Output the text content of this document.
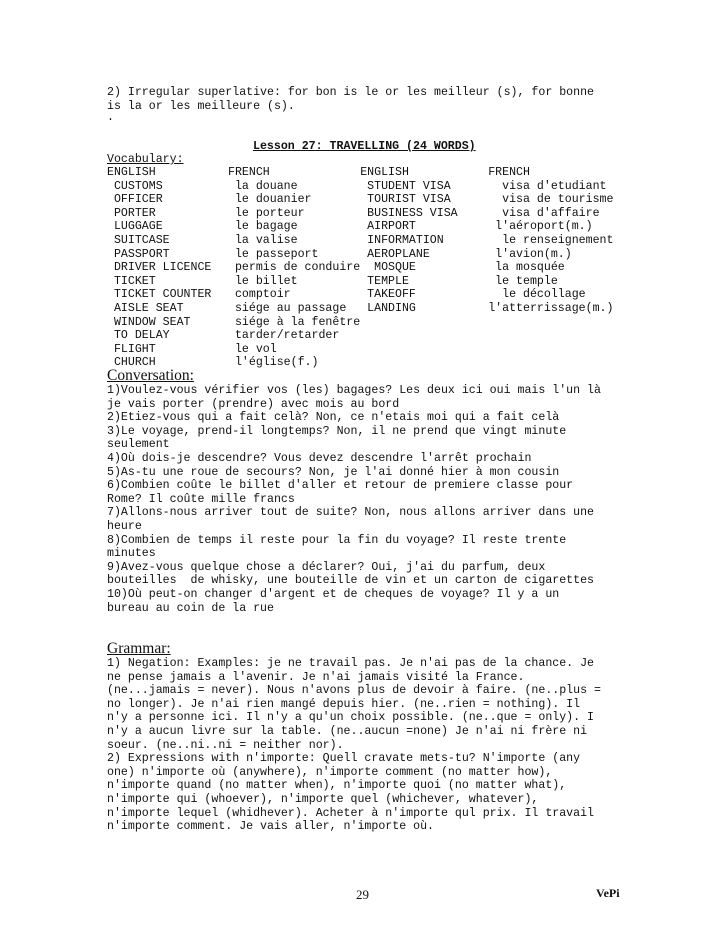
2) Irregular superlative: for bon is le or les meilleur (s), for bonne
is la or les meilleure (s).
.
Lesson 27: TRAVELLING (24 WORDS)
Vocabulary:
ENGLISH	FRENCH	ENGLISH	FRENCH
CUSTOMS	la douane	STUDENT VISA	visa d'etudiant
OFFICER	le douanier	TOURIST VISA	visa de tourisme
PORTER	le porteur	BUSINESS VISA	visa d'affaire
LUGGAGE	le bagage	AIRPORT	l'aéroport(m.)
SUITCASE	la valise	INFORMATION	le renseignement
PASSPORT	le passeport	AEROPLANE	l'avion(m.)
DRIVER LICENCE	permis de conduire	MOSQUE	la mosquée
TICKET	le billet	TEMPLE	le temple
TICKET COUNTER	comptoir	TAKEOFF	le décollage
AISLE SEAT	siége au passage	LANDING	l'atterrissage(m.)
WINDOW SEAT	siége à la fenêtre		
TO DELAY	tarder/retarder		
FLIGHT	le vol		
CHURCH	l'église(f.)		
Conversation:

1)Voulez-vous vérifier vos (les) bagages? Les deux ici oui mais l'un là

je vais porter (prendre) avec mois au bord

2)Etiez-vous qui a fait celà? Non, ce n'etais moi qui a fait celà

3)Le voyage, prend-il longtemps? Non, il ne prend que vingt minute

seulement

4)Où dois-je descendre? Vous devez descendre l'arrêt prochain

5)As-tu une roue de secours? Non, je l'ai donné hier à mon cousin

6)Combien coûte le billet d'aller et retour de premiere classe pour

Rome? Il coûte mille francs

7)Allons-nous arriver tout de suite? Non, nous allons arriver dans une

heure

8)Combien de temps il reste pour la fin du voyage? Il reste trente

minutes

9)Avez-vous quelque chose a déclarer? Oui, j'ai du parfum, deux

bouteilles  de whisky, une bouteille de vin et un carton de cigarettes

10)Où peut-on changer d'argent et de cheques de voyage? Il y a un

bureau au coin de la rue

Grammar:

1) Negation: Examples: je ne travail pas. Je n'ai pas de la chance. Je

ne pense jamais a l'avenir. Je n'ai jamais visité la France.

(ne...jamais = never). Nous n'avons plus de devoir à faire. (ne..plus =

no longer). Je n'ai rien mangé depuis hier. (ne..rien = nothing). Il

n'y a personne ici. Il n'y a qu'un choix possible. (ne..que = only). I

n'y a aucun livre sur la table. (ne..aucun =none) Je n'ai ni frère ni

soeur. (ne..ni..ni = neither nor).

2) Expressions with n'importe: Quell cravate mets-tu? N'importe (any

one) n'importe où (anywhere), n'importe comment (no matter how),

n'importe quand (no matter when), n'importe quoi (no matter what),

n'importe qui (whoever), n'importe quel (whichever, whatever),

n'importe lequel (whidhever). Acheter à n'importe qul prix. Il travail

n'importe comment. Je vais aller, n'importe où.

29	VePi
